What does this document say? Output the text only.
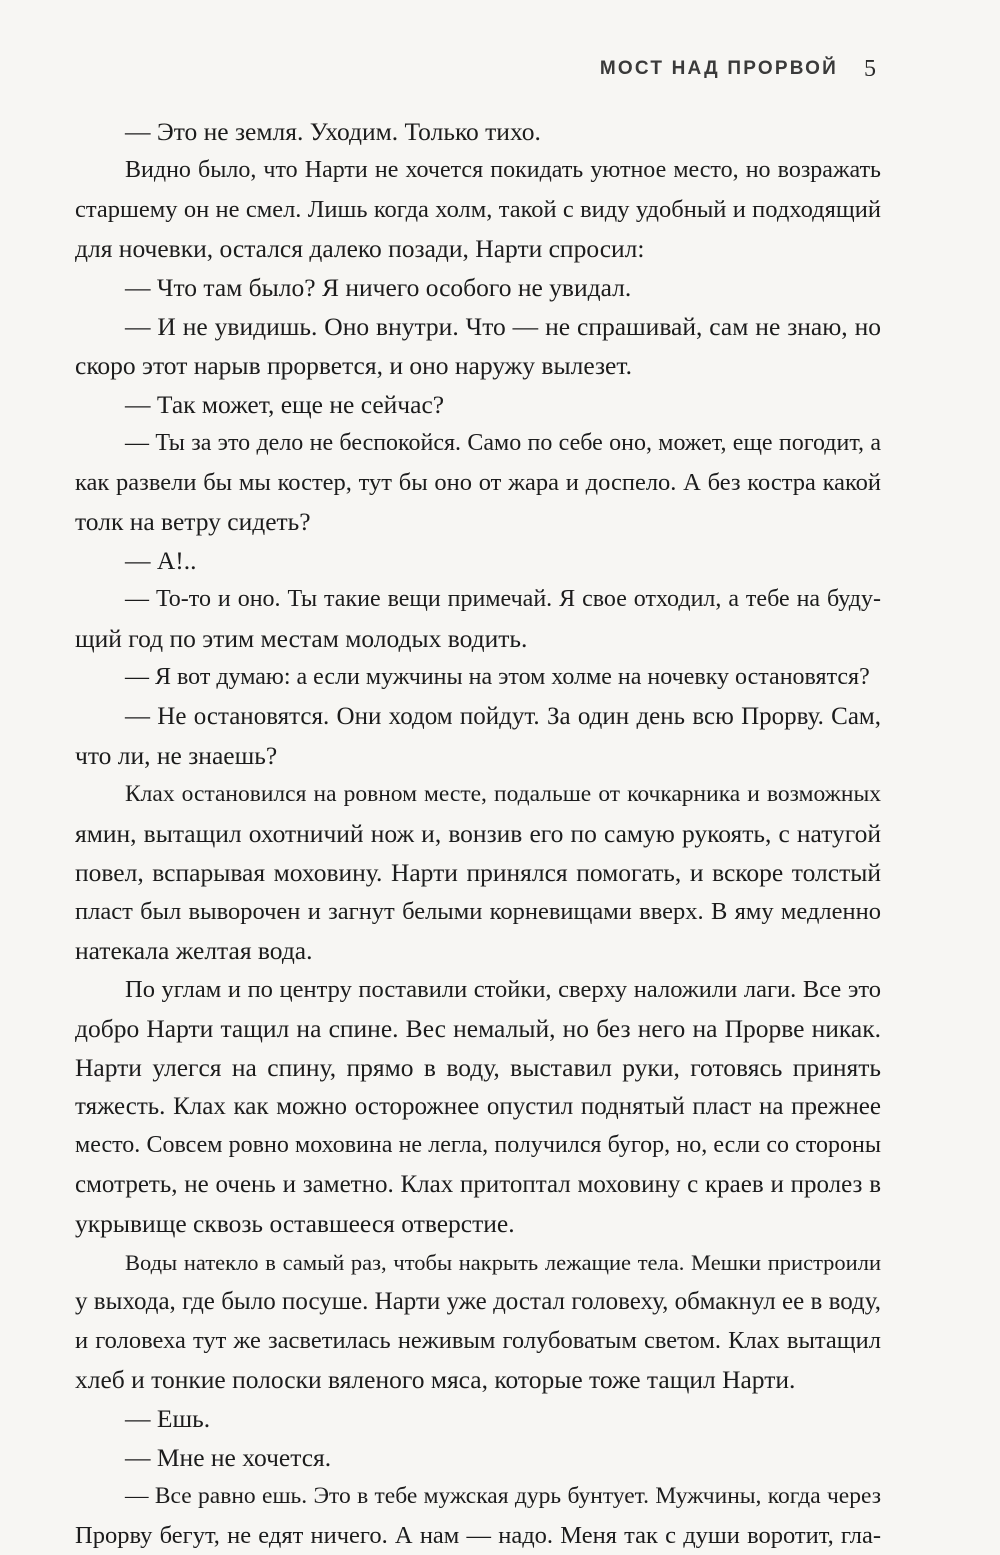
МОСТ НАД ПРОРВОЙ 5
— Это не земля. Уходим. Только тихо.
Видно было, что Нарти не хочется покидать уютное место, но возражать
старшему он не смел. Лишь когда холм, такой с виду удобный и подходящий
для ночевки, остался далеко позади, Нарти спросил:
— Что там было? Я ничего особого не увидал.
— И не увидишь. Оно внутри. Что — не спрашивай, сам не знаю, но
скоро этот нарыв прорвется, и оно наружу вылезет.
— Так может, еще не сейчас?
— Ты за это дело не беспокойся. Само по себе оно, может, еще погодит, а
как развели бы мы костер, тут бы оно от жара и доспело. А без костра какой
толк на ветру сидеть?
— А!..
— То-то и оно. Ты такие вещи примечай. Я свое отходил, а тебе на буду-
щий год по этим местам молодых водить.
— Я вот думаю: а если мужчины на этом холме на ночевку остановятся?
— Не остановятся. Они ходом пойдут. За один день всю Прорву. Сам,
что ли, не знаешь?
Клах остановился на ровном месте, подальше от кочкарника и возможных
ямин, вытащил охотничий нож и, вонзив его по самую рукоять, с натугой
повел, вспарывая моховину. Нарти принялся помогать, и вскоре толстый
пласт был выворочен и загнут белыми корневищами вверх. В яму медленно
натекала желтая вода.
По углам и по центру поставили стойки, сверху наложили лаги. Все это
добро Нарти тащил на спине. Вес немалый, но без него на Прорве никак.
Нарти улегся на спину, прямо в воду, выставил руки, готовясь принять
тяжесть. Клах как можно осторожнее опустил поднятый пласт на прежнее
место. Совсем ровно моховина не легла, получился бугор, но, если со стороны
смотреть, не очень и заметно. Клах притоптал моховину с краев и пролез в
укрывище сквозь оставшееся отверстие.
Воды натекло в самый раз, чтобы накрыть лежащие тела. Мешки пристроили
у выхода, где было посуше. Нарти уже достал головеху, обмакнул ее в воду,
и головеха тут же засветилась неживым голубоватым светом. Клах вытащил
хлеб и тонкие полоски вяленого мяса, которые тоже тащил Нарти.
— Ешь.
— Мне не хочется.
— Все равно ешь. Это в тебе мужская дурь бунтует. Мужчины, когда через
Прорву бегут, не едят ничего. А нам — надо. Меня так с души воротит, гла-
